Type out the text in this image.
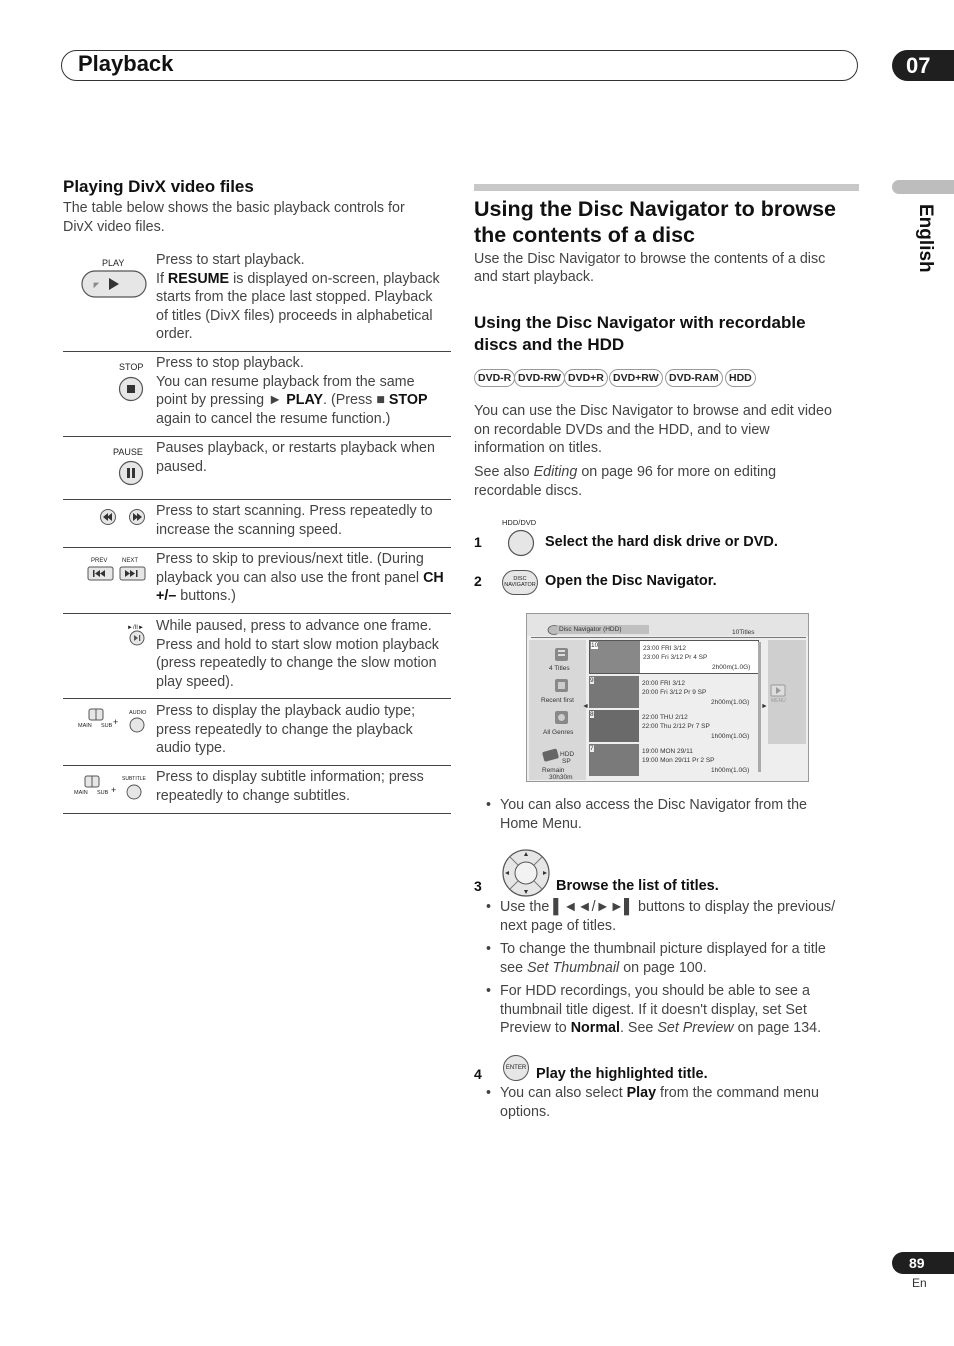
Playback	07
English
Playing DivX video files
The table below shows the basic playback controls for
DivX video files.
PLAY Press to start playback.
If RESUME is displayed on-screen, playback
starts from the place last stopped. Playback
of titles (DivX files) proceeds in alphabetical
order.
STOP Press to stop playback.
You can resume playback from the same
point by pressing ► PLAY. (Press ■ STOP
again to cancel the resume function.)
PAUSE Pauses playback, or restarts playback when
paused.
Press to start scanning. Press repeatedly to
increase the scanning speed.
PREV NEXT Press to skip to previous/next title. (During
playback you can also use the front panel CH
+/– buttons.)
►/II► While paused, press to advance one frame.
Press and hold to start slow motion playback
(press repeatedly to change the slow motion
play speed).
MAIN SUB +
AUDIO Press to display the playback audio type;
press repeatedly to change the playback
audio type.
MAIN SUB +
SUBTITLE Press to display subtitle information; press
repeatedly to change subtitles.
Using the Disc Navigator to browse
the contents of a disc
Use the Disc Navigator to browse the contents of a disc
and start playback.
Using the Disc Navigator with recordable
discs and the HDD
DVD-R DVD-RW DVD+R DVD+RW DVD-RAM HDD
You can use the Disc Navigator to browse and edit video
on recordable DVDs and the HDD, and to view
information on titles.
See also Editing on page 96 for more on editing
recordable discs.
HDD/DVD
1	Select the hard disk drive or DVD.
2	DISC
NAVIGATOR Open the Disc Navigator.
Disc Navigator (HDD)	10Titles
4 Titles
Recent first
All Genres
HDD
SP
Remain
30h30m
◄
10	23:00 FRI 3/12
23:00 Fri 3/12 Pr 4 SP
2h00m(1.0G)
9	20:00 FRI 3/12
20:00 Fri 3/12 Pr 9 SP
2h00m(1.0G)
8	22:00 THU 2/12
22:00 Thu 2/12 Pr 7 SP
1h00m(1.0G)
7	19:00 MON 29/11
19:00 Mon 29/11 Pr 2 SP
1h00m(1.0G)
►
MENU
• You can also access the Disc Navigator from the
Home Menu.
3	Browse the list of titles.
• Use the ▌◄◄/►►▌ buttons to display the previous/
next page of titles.
• To change the thumbnail picture displayed for a title
see Set Thumbnail on page 100.
• For HDD recordings, you should be able to see a
thumbnail title digest. If it doesn't display, set Set
Preview to Normal. See Set Preview on page 134.
4	ENTER Play the highlighted title.
• You can also select Play from the command menu
options.
89
En
